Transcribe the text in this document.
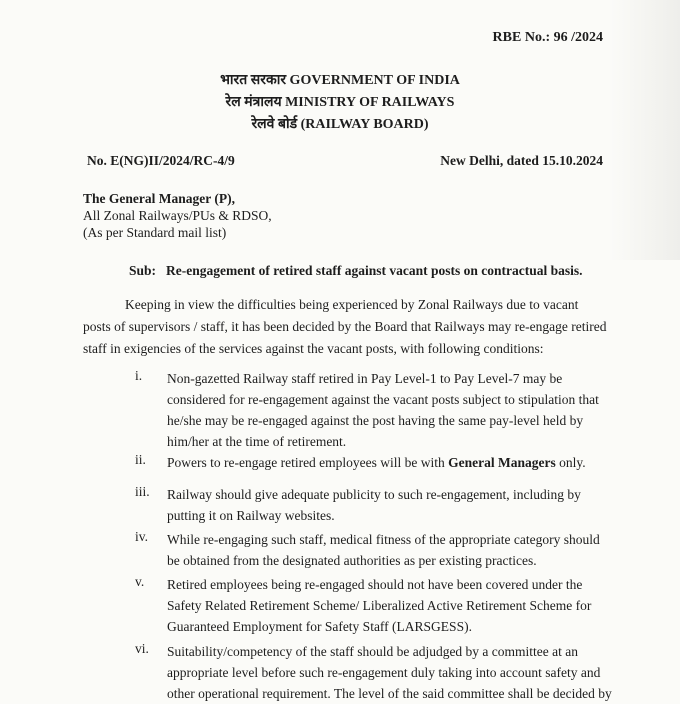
RBE No.: 96 /2024
भारत सरकार GOVERNMENT OF INDIA
रेल मंत्रालय MINISTRY OF RAILWAYS
रेलवे बोर्ड (RAILWAY BOARD)
No. E(NG)II/2024/RC-4/9	New Delhi, dated 15.10.2024
The General Manager (P),
All Zonal Railways/PUs & RDSO,
(As per Standard mail list)
Sub: Re-engagement of retired staff against vacant posts on contractual basis.
Keeping in view the difficulties being experienced by Zonal Railways due to vacant
posts of supervisors / staff, it has been decided by the Board that Railways may re-engage retired
staff in exigencies of the services against the vacant posts, with following conditions:
i. Non-gazetted Railway staff retired in Pay Level-1 to Pay Level-7 may be
considered for re-engagement against the vacant posts subject to stipulation that
he/she may be re-engaged against the post having the same pay-level held by
him/her at the time of retirement.
ii. Powers to re-engage retired employees will be with General Managers only.
iii. Railway should give adequate publicity to such re-engagement, including by
putting it on Railway websites.
iv. While re-engaging such staff, medical fitness of the appropriate category should
be obtained from the designated authorities as per existing practices.
v. Retired employees being re-engaged should not have been covered under the
Safety Related Retirement Scheme/ Liberalized Active Retirement Scheme for
Guaranteed Employment for Safety Staff (LARSGESS).
vi. Suitability/competency of the staff should be adjudged by a committee at an
appropriate level before such re-engagement duly taking into account safety and
other operational requirement. The level of the said committee shall be decided by
